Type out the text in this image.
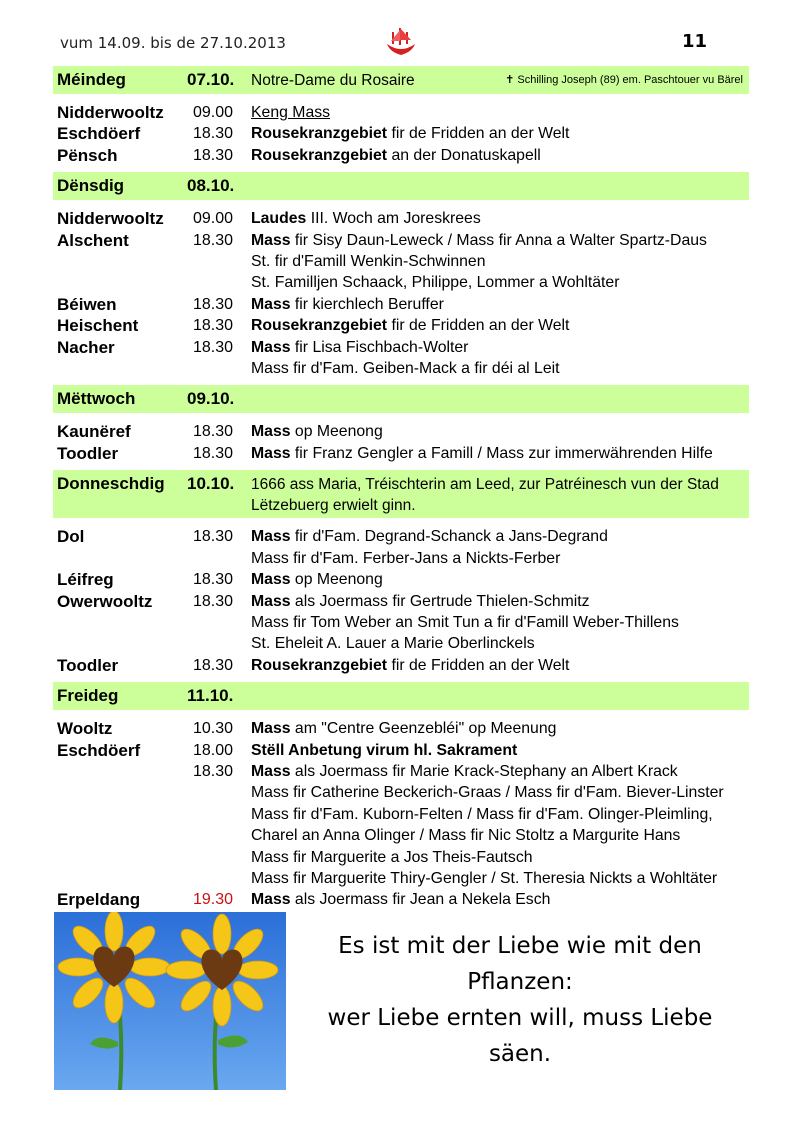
vum 14.09. bis de 27.10.2013	11
Méindeg	07.10.	Notre-Dame du Rosaire	✝ Schilling Joseph (89) em. Paschtouer vu Bärel
Nidderwooltz	09.00	Keng Mass
Eschdöerf	18.30	Rousekranzgebiet fir de Fridden an der Welt
Pënsch	18.30	Rousekranzgebiet an der Donatuskapell
Dënsdig	08.10.
Nidderwooltz	09.00	Laudes III. Woch am Joreskrees
Alschent	18.30	Mass fir Sisy Daun-Leweck / Mass fir Anna a Walter Spartz-Daus
St. fir d'Famill Wenkin-Schwinnen
St. Familljen Schaack, Philippe, Lommer a Wohltäter
Béiwen	18.30	Mass fir kierchlech Beruffer
Heischent	18.30	Rousekranzgebiet fir de Fridden an der Welt
Nacher	18.30	Mass fir Lisa Fischbach-Wolter
Mass fir d'Fam. Geiben-Mack a fir déi al Leit
Mëttwoch	09.10.
Kaunëref	18.30	Mass op Meenong
Toodler	18.30	Mass fir Franz Gengler a Famill / Mass zur immerwährenden Hilfe
Donneschdig	10.10.	1666 ass Maria, Tréischterin am Leed, zur Patréinesch vun der Stad Lëtzebuerg erwielt ginn.
Dol	18.30	Mass fir d'Fam. Degrand-Schanck a Jans-Degrand
Mass fir d'Fam. Ferber-Jans a Nickts-Ferber
Léifreg	18.30	Mass op Meenong
Owerwooltz	18.30	Mass als Joermass fir Gertrude Thielen-Schmitz
Mass fir Tom Weber an Smit Tun a fir d'Famill Weber-Thillens
St. Eheleit A. Lauer a Marie Oberlinckels
Toodler	18.30	Rousekranzgebiet fir de Fridden an der Welt
Freideg	11.10.
Wooltz	10.30	Mass am "Centre Geenzebléi" op Meenung
Eschdöerf	18.00	Stëll Anbetung virum hl. Sakrament
18.30	Mass als Joermass fir Marie Krack-Stephany an Albert Krack
Mass fir Catherine Beckerich-Graas / Mass fir d'Fam. Biever-Linster
Mass fir d'Fam. Kuborn-Felten / Mass fir d'Fam. Olinger-Pleimling,
Charel an Anna Olinger / Mass fir Nic Stoltz a Margurite Hans
Mass fir Marguerite a Jos Theis-Fautsch
Mass fir Marguerite Thiry-Gengler / St. Theresia Nickts a Wohltäter
Erpeldang	19.30	Mass als Joermass fir Jean a Nekela Esch
Es ist mit der Liebe wie mit den
Pflanzen:
wer Liebe ernten will, muss Liebe
säen.
